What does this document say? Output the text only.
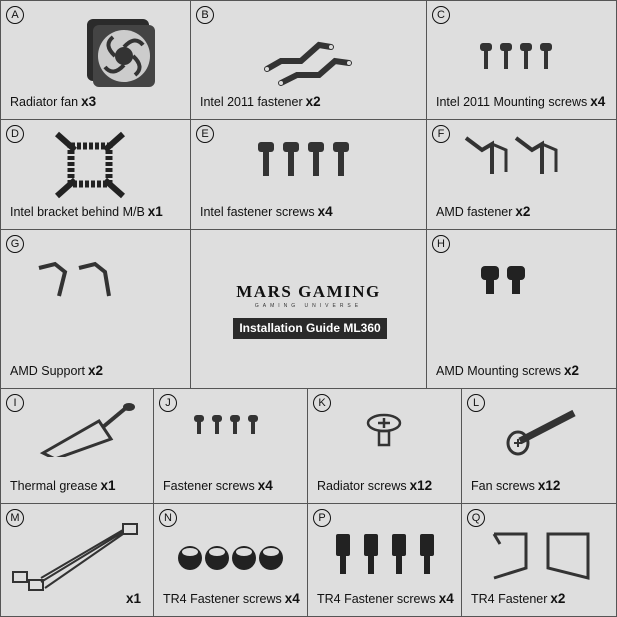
A
Radiator fan x3
B
Intel 2011 fastener x2
C
Intel 2011 Mounting screws x4
D
Intel bracket behind M/B x1
E
Intel fastener screws x4
F
AMD fastener x2
G
AMD Support x2
MARS GAMING
GAMING UNIVERSE
Installation Guide ML360
H
AMD Mounting screws x2
I
Thermal grease x1
J
Fastener screws x4
K
Radiator screws x12
L
Fan screws x12
M
x1
N
TR4 Fastener screws x4
P
TR4 Fastener screws x4
Q
TR4 Fastener x2
